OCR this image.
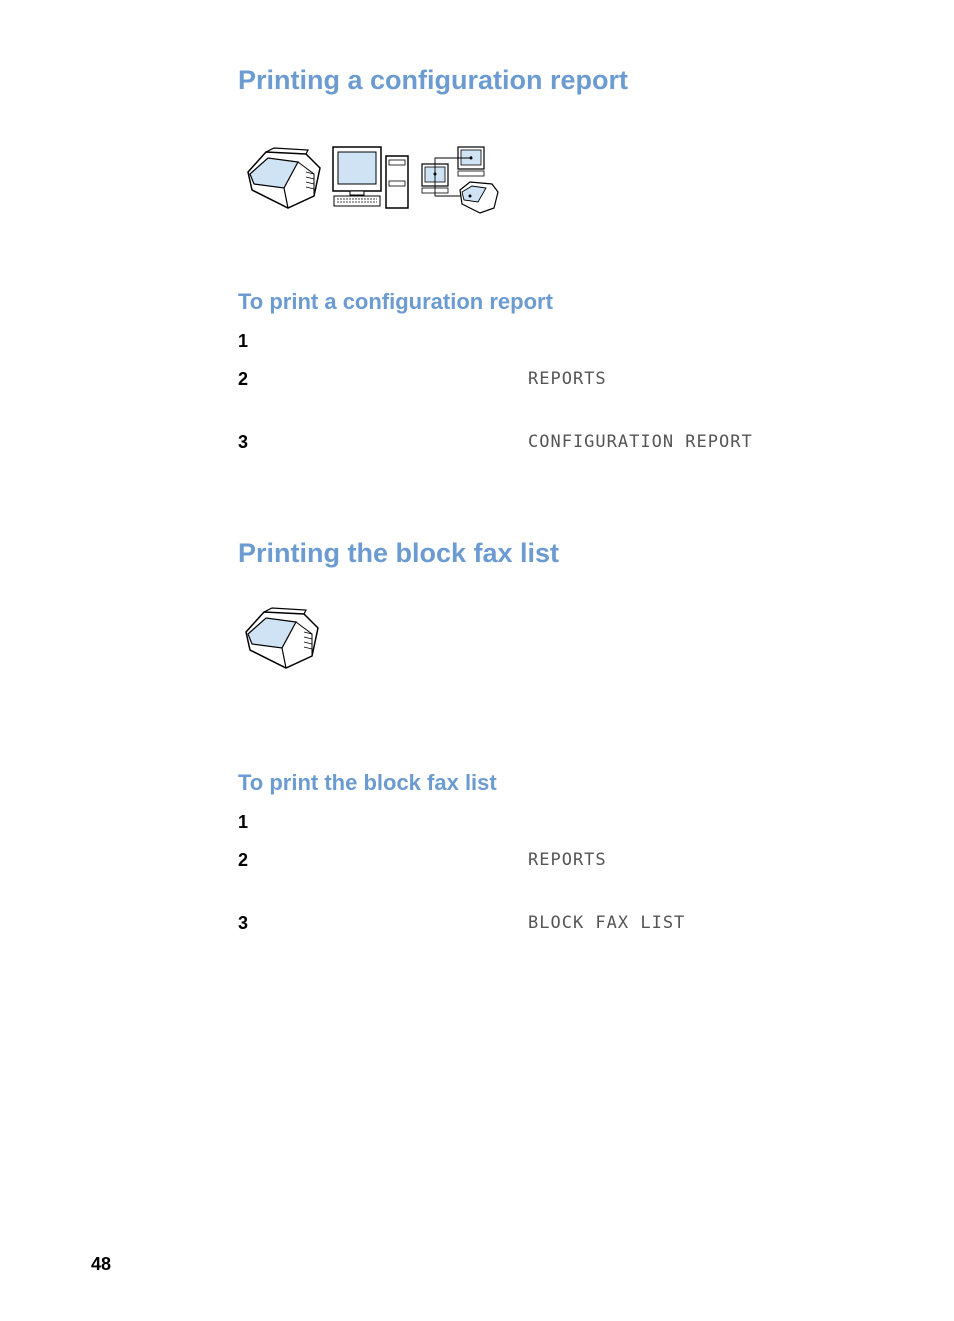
Printing a configuration report
To print a configuration report
1
2	REPORTS
3	CONFIGURATION REPORT
Printing the block fax list
To print the block fax list
1
2	REPORTS
3	BLOCK FAX LIST
48
